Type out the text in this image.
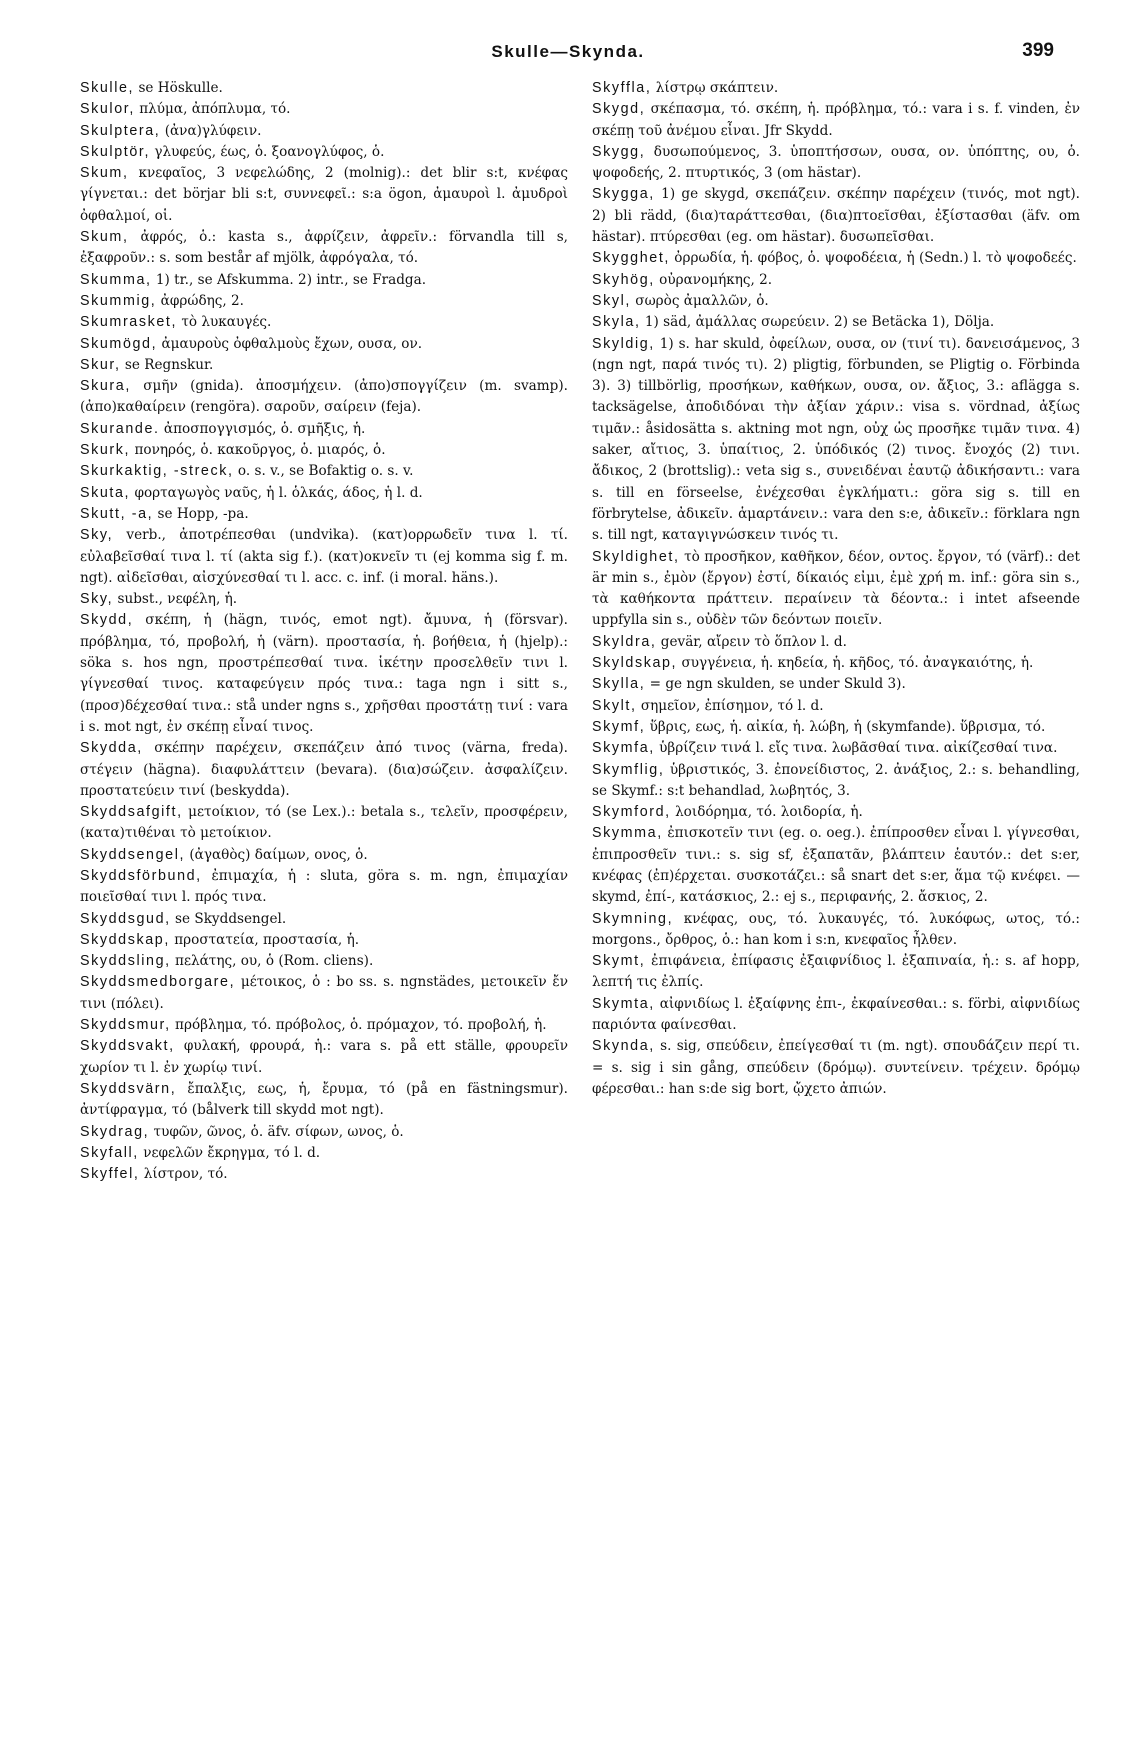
Skulle—Skynda.	399

Skulle, se Höskulle.

Skulor, πλύμα, ἀπόπλυμα, τό.

Skulptera, (ἀνα)γλύφειν.

Skulptör, γλυφεύς, έως, ὁ. ξοανογλύφος, ὁ.

Skum, κνεφαῖος, 3 νεφελώδης, 2 (molnig).: det blir s:t, κνέφας γίγνεται.: det börjar bli s:t, συννεφεῖ.: s:a ögon, ἀμαυροὶ l. ἀμυδροὶ ὀφθαλμοί, οἱ.

Skum, ἀφρός, ὁ.: kasta s., ἀφρίζειν, ἀφρεῖν.: förvandla till s, ἐξαφροῦν.: s. som består af mjölk, ἀφρόγαλα, τό.

Skumma, 1) tr., se Afskumma. 2) intr., se Fradga.

Skummig, ἀφρώδης, 2.

Skumrasket, τὸ λυκαυγές.

Skumögd, ἀμαυροὺς ὀφθαλμοὺς ἔχων, ουσα, ον.

Skur, se Regnskur.

Skura, σμῆν (gnida). ἀποσμήχειν. (ἀπο)σπογγίζειν (m. svamp). (ἀπο)καθαίρειν (rengöra). σαροῦν, σαίρειν (feja).

Skurande. ἀποσπογγισμός, ὁ. σμῆξις, ἡ.

Skurk, πονηρός, ὁ. κακοῦργος, ὁ. μιαρός, ὁ.

Skurkaktig, -streck, o. s. v., se Bofaktig o. s. v.

Skuta, φορταγωγὸς ναῦς, ἡ l. ὁλκάς, άδος, ἡ l. d.

Skutt, -a, se Hopp, -pa.

Sky, verb., ἀποτρέπεσθαι (undvika). (κατ)ορρωδεῖν τινα l. τί. εὐλαβεῖσθαί τινα l. τί (akta sig f.). (κατ)οκνεῖν τι (ej komma sig f. m. ngt). αἰδεῖσθαι, αἰσχύνεσθαί τι l. acc. c. inf. (i moral. häns.).

Sky, subst., νεφέλη, ἡ.

Skydd, σκέπη, ἡ (hägn, τινός, emot ngt). ἄμυνα, ἡ (försvar). πρόβλημα, τό, προβολή, ἡ (värn). προστασία, ἡ. βοήθεια, ἡ (hjelp).: söka s. hos ngn, προστρέπεσθαί τινα. ἱκέτην προσελθεῖν τινι l. γίγνεσθαί τινος. καταφεύγειν πρός τινα.: taga ngn i sitt s., (προσ)δέχεσθαί τινα.: stå under ngns s., χρῆσθαι προστάτῃ τινί : vara i s. mot ngt, ἐν σκέπῃ εἶναί τινος.

Skydda, σκέπην παρέχειν, σκεπάζειν ἀπό τινος (värna, freda). στέγειν (hägna). διαφυλάττειν (bevara). (δια)σώζειν. ἀσφαλίζειν. προστατεύειν τινί (beskydda).

Skyddsafgift, μετοίκιον, τό (se Lex.).: betala s., τελεῖν, προσφέρειν, (κατα)τιθέναι τὸ μετοίκιον.

Skyddsengel, (ἀγαθὸς) δαίμων, ονος, ὁ.

Skyddsförbund, ἐπιμαχία, ἡ : sluta, göra s. m. ngn, ἐπιμαχίαν ποιεῖσθαί τινι l. πρός τινα.

Skyddsgud, se Skyddsengel.

Skyddskap, προστατεία, προστασία, ἡ.

Skyddsling, πελάτης, ου, ὁ (Rom. cliens).

Skyddsmedborgare, μέτοικος, ὁ : bo ss. s. ngnstädes, μετοικεῖν ἔν τινι (πόλει).

Skyddsmur, πρόβλημα, τό. πρόβολος, ὁ. πρόμαχον, τό. προβολή, ἡ.

Skyddsvakt, φυλακή, φρουρά, ἡ.: vara s. på ett ställe, φρουρεῖν χωρίον τι l. ἐν χωρίῳ τινί.

Skyddsvärn, ἔπαλξις, εως, ἡ, ἔρυμα, τό (på en fästningsmur). ἀντίφραγμα, τό (bålverk till skydd mot ngt).

Skydrag, τυφῶν, ῶνος, ὁ. äfv. σίφων, ωνος, ὁ.

Skyfall, νεφελῶν ἔκρηγμα, τό l. d.

Skyffel, λίστρον, τό.

Skyffla, λίστρῳ σκάπτειν.

Skygd, σκέπασμα, τό. σκέπη, ἡ. πρόβλημα, τό.: vara i s. f. vinden, ἐν σκέπῃ τοῦ ἀνέμου εἶναι. Jfr Skydd.

Skygg, δυσωπούμενος, 3. ὑποπτήσσων, ουσα, ον. ὑπόπτης, ου, ὁ. ψοφοδεής, 2. πτυρτικός, 3 (om hästar).

Skygga, 1) ge skygd, σκεπάζειν. σκέπην παρέχειν (τινός, mot ngt). 2) bli rädd, (δια)ταράττεσθαι, (δια)πτοεῖσθαι, ἐξίστασθαι (äfv. om hästar). πτύρεσθαι (eg. om hästar). δυσωπεῖσθαι.

Skygghet, ὀρρωδία, ἡ. φόβος, ὁ. ψοφοδέεια, ἡ (Sedn.) l. τὸ ψοφοδεές.

Skyhög, οὐρανομήκης, 2.

Skyl, σωρὸς ἀμαλλῶν, ὁ.

Skyla, 1) säd, ἀμάλλας σωρεύειν. 2) se Betäcka 1), Dölja.

Skyldig, 1) s. har skuld, ὀφείλων, ουσα, ον (τινί τι). δανεισάμενος, 3 (ngn ngt, παρά τινός τι). 2) pligtig, förbunden, se Pligtig o. Förbinda 3). 3) tillbörlig, προσήκων, καθήκων, ουσα, ον. ἄξιος, 3.: aflägga s. tacksägelse, ἀποδιδόναι τὴν ἀξίαν χάριν.: visa s. vördnad, ἀξίως τιμᾶν.: åsidosätta s. aktning mot ngn, οὐχ ὡς προσῆκε τιμᾶν τινα. 4) saker, αἴτιος, 3. ὑπαίτιος, 2. ὑπόδικός (2) τινος. ἔνοχός (2) τινι. ἄδικος, 2 (brottslig).: veta sig s., συνειδέναι ἑαυτῷ ἀδικήσαντι.: vara s. till en förseelse, ἐνέχεσθαι ἐγκλήματι.: göra sig s. till en förbrytelse, ἀδικεῖν. ἁμαρτάνειν.: vara den s:e, ἀδικεῖν.: förklara ngn s. till ngt, καταγιγνώσκειν τινός τι.

Skyldighet, τὸ προσῆκον, καθῆκον, δέον, οντος. ἔργον, τό (värf).: det är min s., ἐμὸν (ἔργον) ἐστί, δίκαιός εἰμι, ἐμὲ χρή m. inf.: göra sin s., τὰ καθήκοντα πράττειν. περαίνειν τὰ δέοντα.: i intet afseende uppfylla sin s., οὐδὲν τῶν δεόντων ποιεῖν.

Skyldra, gevär, αἴρειν τὸ ὅπλον l. d.

Skyldskap, συγγένεια, ἡ. κηδεία, ἡ. κῆδος, τό. ἀναγκαιότης, ἡ.

Skylla, = ge ngn skulden, se under Skuld 3).

Skylt, σημεῖον, ἐπίσημον, τό l. d.

Skymf, ὕβρις, εως, ἡ. αἰκία, ἡ. λώβη, ἡ (skymfande). ὕβρισμα, τό.

Skymfa, ὑβρίζειν τινά l. εἴς τινα. λωβᾶσθαί τινα. αἰκίζεσθαί τινα.

Skymflig, ὑβριστικός, 3. ἐπονείδιστος, 2. ἀνάξιος, 2.: s. behandling, se Skymf.: s:t behandlad, λωβητός, 3.

Skymford, λοιδόρημα, τό. λοιδορία, ἡ.

Skymma, ἐπισκοτεῖν τινι (eg. o. oeg.). ἐπίπροσθεν εἶναι l. γίγνεσθαι, ἐπιπροσθεῖν τινι.: s. sig sf, ἐξαπατᾶν, βλάπτειν ἑαυτόν.: det s:er, κνέφας (ἐπ)έρχεται. συσκοτάζει.: så snart det s:er, ἅμα τῷ κνέφει. — skymd, ἐπί-, κατάσκιος, 2.: ej s., περιφανής, 2. ἄσκιος, 2.

Skymning, κνέφας, ους, τό. λυκαυγές, τό. λυκόφως, ωτος, τό.: morgons., ὄρθρος, ὁ.: han kom i s:n, κνεφαῖος ἦλθεν.

Skymt, ἐπιφάνεια, ἐπίφασις ἐξαιφνίδιος l. ἐξαπιναία, ἡ.: s. af hopp, λεπτή τις ἐλπίς.

Skymta, αἰφνιδίως l. ἐξαίφνης ἐπι-, ἐκφαίνεσθαι.: s. förbi, αἰφνιδίως παριόντα φαίνεσθαι.

Skynda, s. sig, σπεύδειν, ἐπείγεσθαί τι (m. ngt). σπουδάζειν περί τι. = s. sig i sin gång, σπεύδειν (δρόμῳ). συντείνειν. τρέχειν. δρόμῳ φέρεσθαι.: han s:de sig bort, ᾤχετο ἀπιών.
